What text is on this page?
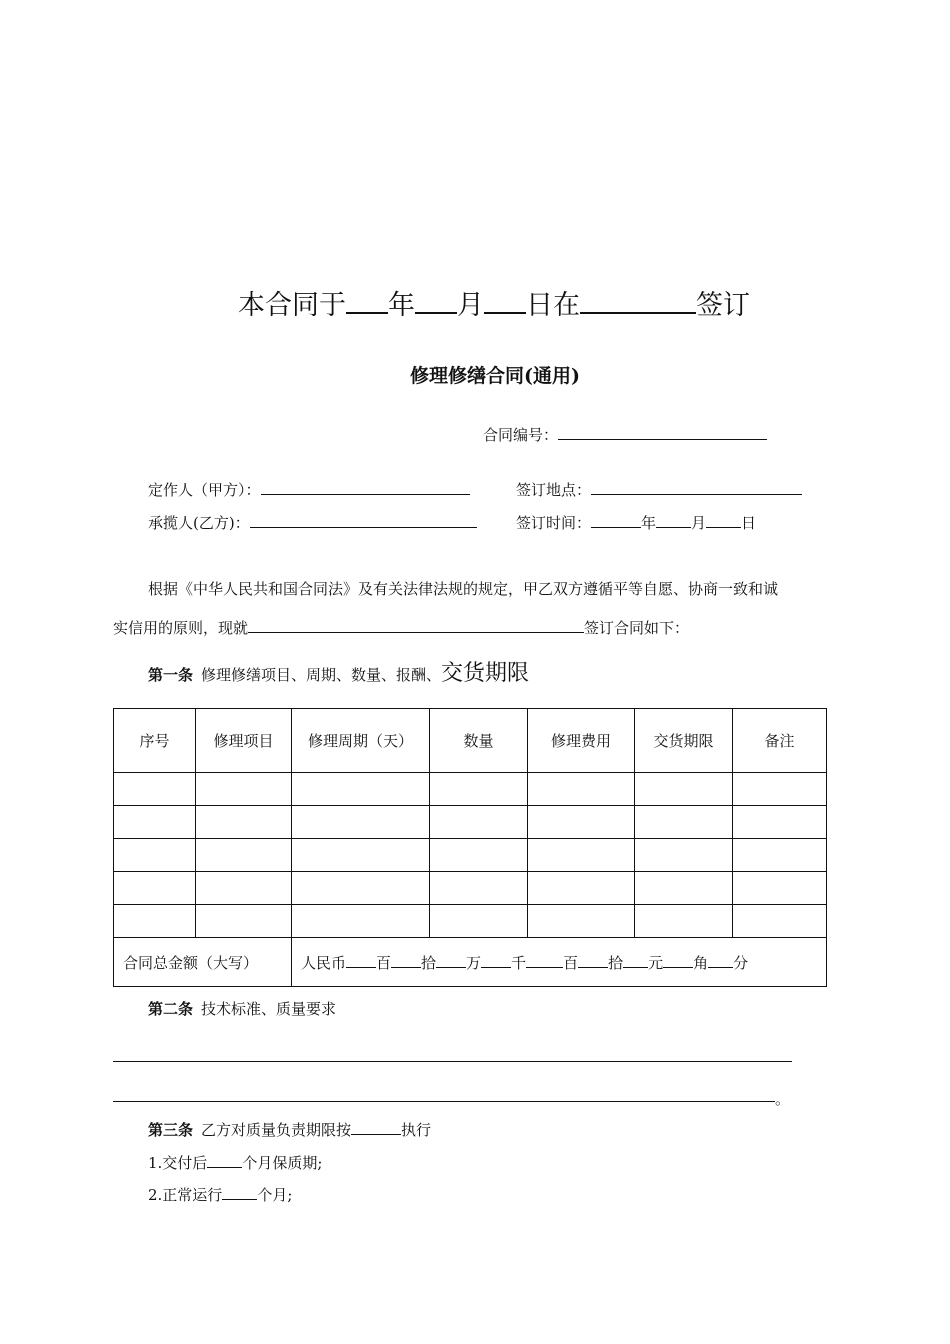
本合同于 年 月 日在	签订
修理修缮合同(通用)
合同编号：
定作人（甲方）：	签订地点：
承揽人(乙方)：	签订时间：	年 月 日
根据《中华人民共和国合同法》及有关法律法规的规定，甲乙双方遵循平等自愿、协商一致和诚
实信用的原则，现就	签订合同如下：
第一条 修理修缮项目、周期、数量、报酬、交货期限
序号	修理项目	修理周期（天）	数量	修理费用	交货期限	备注

合同总金额（大写）		人民币 百 拾 万 千 百 拾 元 角 分				
第二条 技术标准、质量要求
。
第三条 乙方对质量负责期限按	执行
1.交付后 个月保质期;
2.正常运行 个月;
